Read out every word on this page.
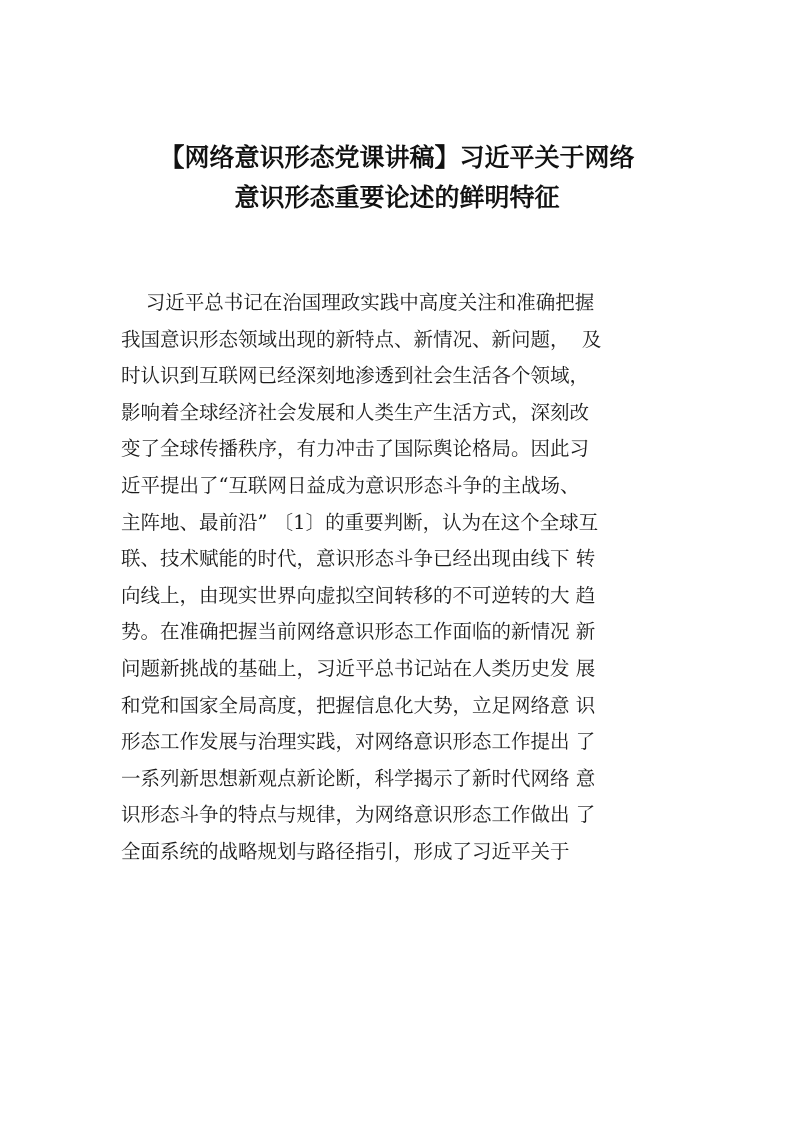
【网络意识形态党课讲稿】习近平关于网络
意识形态重要论述的鲜明特征
习近平总书记在治国理政实践中高度关注和准确把握
我国意识形态领域出现的新特点、新情况、新问题，  及
时认识到互联网已经深刻地渗透到社会生活各个领域，
影响着全球经济社会发展和人类生产生活方式，深刻改
变了全球传播秩序，有力冲击了国际舆论格局。因此习
近平提出了“互联网日益成为意识形态斗争的主战场、
主阵地、最前沿” 〔1〕的重要判断，认为在这个全球互
联、技术赋能的时代，意识形态斗争已经出现由线下 转
向线上，由现实世界向虚拟空间转移的不可逆转的大 趋
势。在准确把握当前网络意识形态工作面临的新情况 新
问题新挑战的基础上，习近平总书记站在人类历史发 展
和党和国家全局高度，把握信息化大势，立足网络意 识
形态工作发展与治理实践，对网络意识形态工作提出 了
一系列新思想新观点新论断，科学揭示了新时代网络 意
识形态斗争的特点与规律，为网络意识形态工作做出 了
全面系统的战略规划与路径指引，形成了习近平关于
